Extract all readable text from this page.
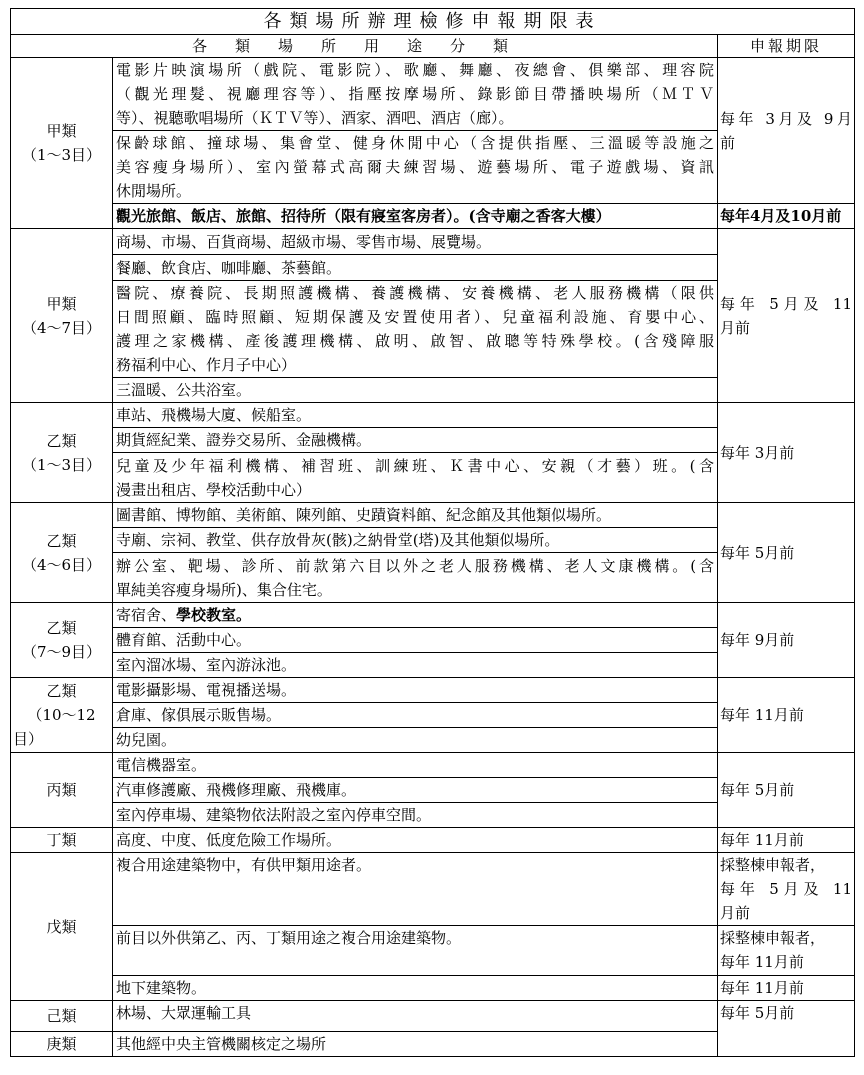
各類場所辦理檢修申報期限表		
各類場所用途分類		申報期限

甲類
（1～3目）	電影片映演場所（戲院、電影院）、歌廳、舞廳、夜總會、俱樂部、理容院
（觀光理髮、視廳理容等）、指壓按摩場所、錄影節目帶播映場所（ＭＴＶ
等）、視聽歌唱場所（ＫＴＶ等）、酒家、酒吧、酒店（廊）。	每年 3月及 9月
前

	保齡球館、撞球場、集會堂、健身休閒中心（含提供指壓、三溫暖等設施之
美容瘦身場所）、室內螢幕式高爾夫練習場、遊藝場所、電子遊戲場、資訊
休閒場所。	

	觀光旅館、飯店、旅館、招待所（限有寢室客房者）。(含寺廟之香客大樓）	每年4月及10月前

甲類
（4～7目）	商場、市場、百貨商場、超級市場、零售市場、展覽場。	每年 5月及 11
月前

	餐廳、飲食店、咖啡廳、茶藝館。	

	醫院、療養院、長期照護機構、養護機構、安養機構、老人服務機構（限供
日間照顧、臨時照顧、短期保護及安置使用者）、兒童福利設施、育嬰中心、
護理之家機構、產後護理機構、啟明、啟智、啟聰等特殊學校。(含殘障服
務福利中心、作月子中心）	

	三溫暖、公共浴室。	

乙類
（1～3目）	車站、飛機場大廈、候船室。	每年 3月前
	期貨經紀業、證券交易所、金融機構。	

	兒童及少年福利機構、補習班、訓練班、Ｋ書中心、安親（才藝）班。(含
漫畫出租店、學校活動中心）	

乙類
（4～6目）	圖書館、博物館、美術館、陳列館、史蹟資料館、紀念館及其他類似場所。	每年 5月前
	寺廟、宗祠、教堂、供存放骨灰(骸)之納骨堂(塔)及其他類似場所。	

	辦公室、靶場、診所、前款第六目以外之老人服務機構、老人文康機構。(含
單純美容瘦身場所)、集合住宅。	

乙類
（7～9目）	寄宿舍、學校教室。	每年 9月前
	體育館、活動中心。	
	室內溜冰場、室內游泳池。	

乙類
（10～12
目）	電影攝影場、電視播送場。	每年 11月前
	倉庫、傢俱展示販售場。	
	幼兒園。	
丙類	電信機器室。	每年 5月前
	汽車修護廠、飛機修理廠、飛機庫。	
	室內停車場、建築物依法附設之室內停車空間。	
丁類	高度、中度、低度危險工作場所。	每年 11月前
戊類	複合用途建築物中，有供甲類用途者。	採整棟申報者，
每年 5月及 11
月前

	前目以外供第乙、丙、丁類用途之複合用途建築物。	採整棟申報者，
每年 11月前

	地下建築物。	每年 11月前
己類	林場、大眾運輸工具	每年 5月前
庚類	其他經中央主管機關核定之場所	
